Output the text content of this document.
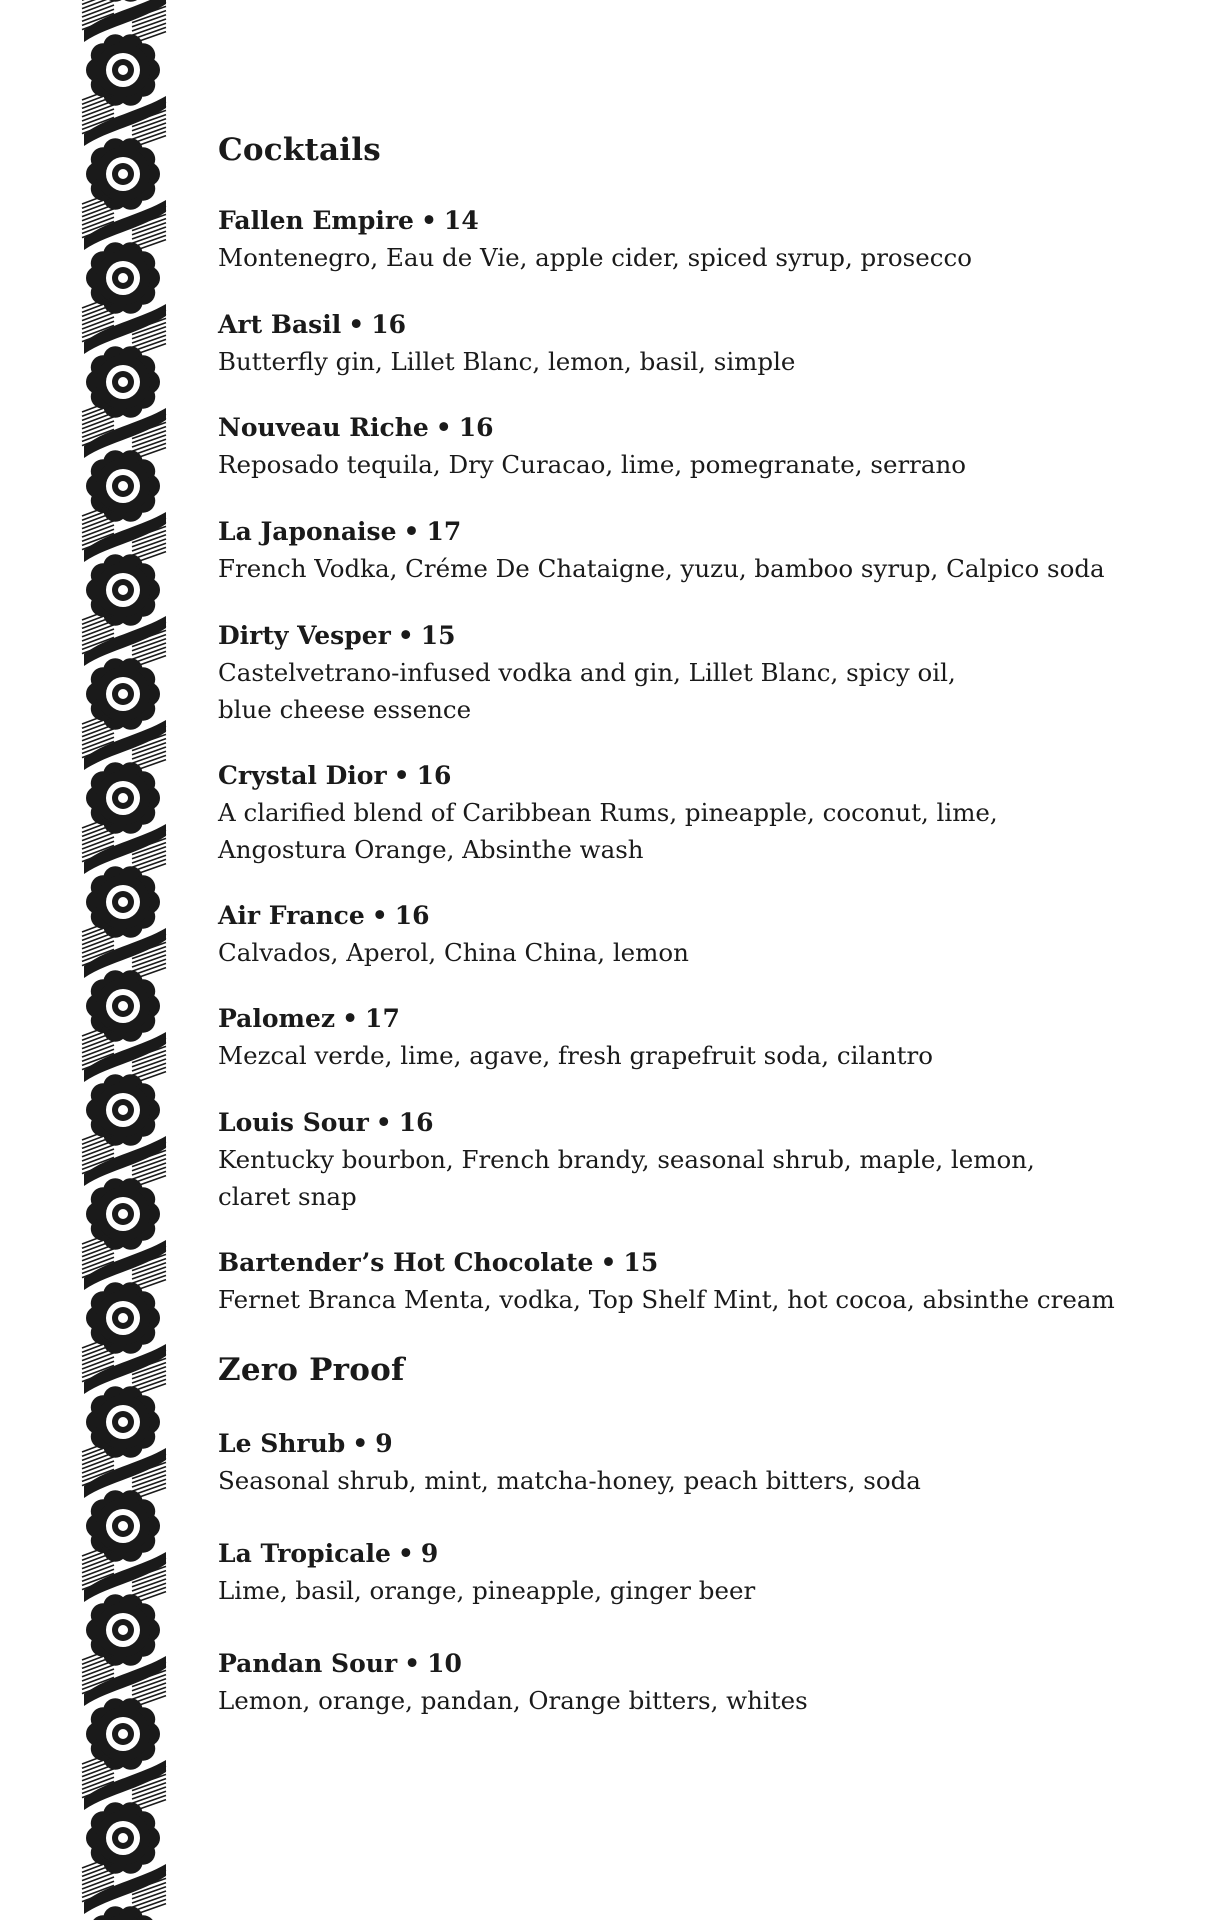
Cocktails
Fallen Empire • 14
Montenegro, Eau de Vie, apple cider, spiced syrup, prosecco
Art Basil • 16
Butterfly gin, Lillet Blanc, lemon, basil, simple
Nouveau Riche • 16
Reposado tequila, Dry Curacao, lime, pomegranate, serrano
La Japonaise • 17
French Vodka, Créme De Chataigne, yuzu, bamboo syrup, Calpico soda
Dirty Vesper • 15
Castelvetrano-infused vodka and gin, Lillet Blanc, spicy oil,
blue cheese essence
Crystal Dior • 16
A clarified blend of Caribbean Rums, pineapple, coconut, lime,
Angostura Orange, Absinthe wash
Air France • 16
Calvados, Aperol, China China, lemon
Palomez • 17
Mezcal verde, lime, agave, fresh grapefruit soda, cilantro
Louis Sour • 16
Kentucky bourbon, French brandy, seasonal shrub, maple, lemon,
claret snap
Bartender’s Hot Chocolate • 15
Fernet Branca Menta, vodka, Top Shelf Mint, hot cocoa, absinthe cream
Zero Proof
Le Shrub • 9
Seasonal shrub, mint, matcha-honey, peach bitters, soda
La Tropicale • 9
Lime, basil, orange, pineapple, ginger beer
Pandan Sour • 10
Lemon, orange, pandan, Orange bitters, whites
